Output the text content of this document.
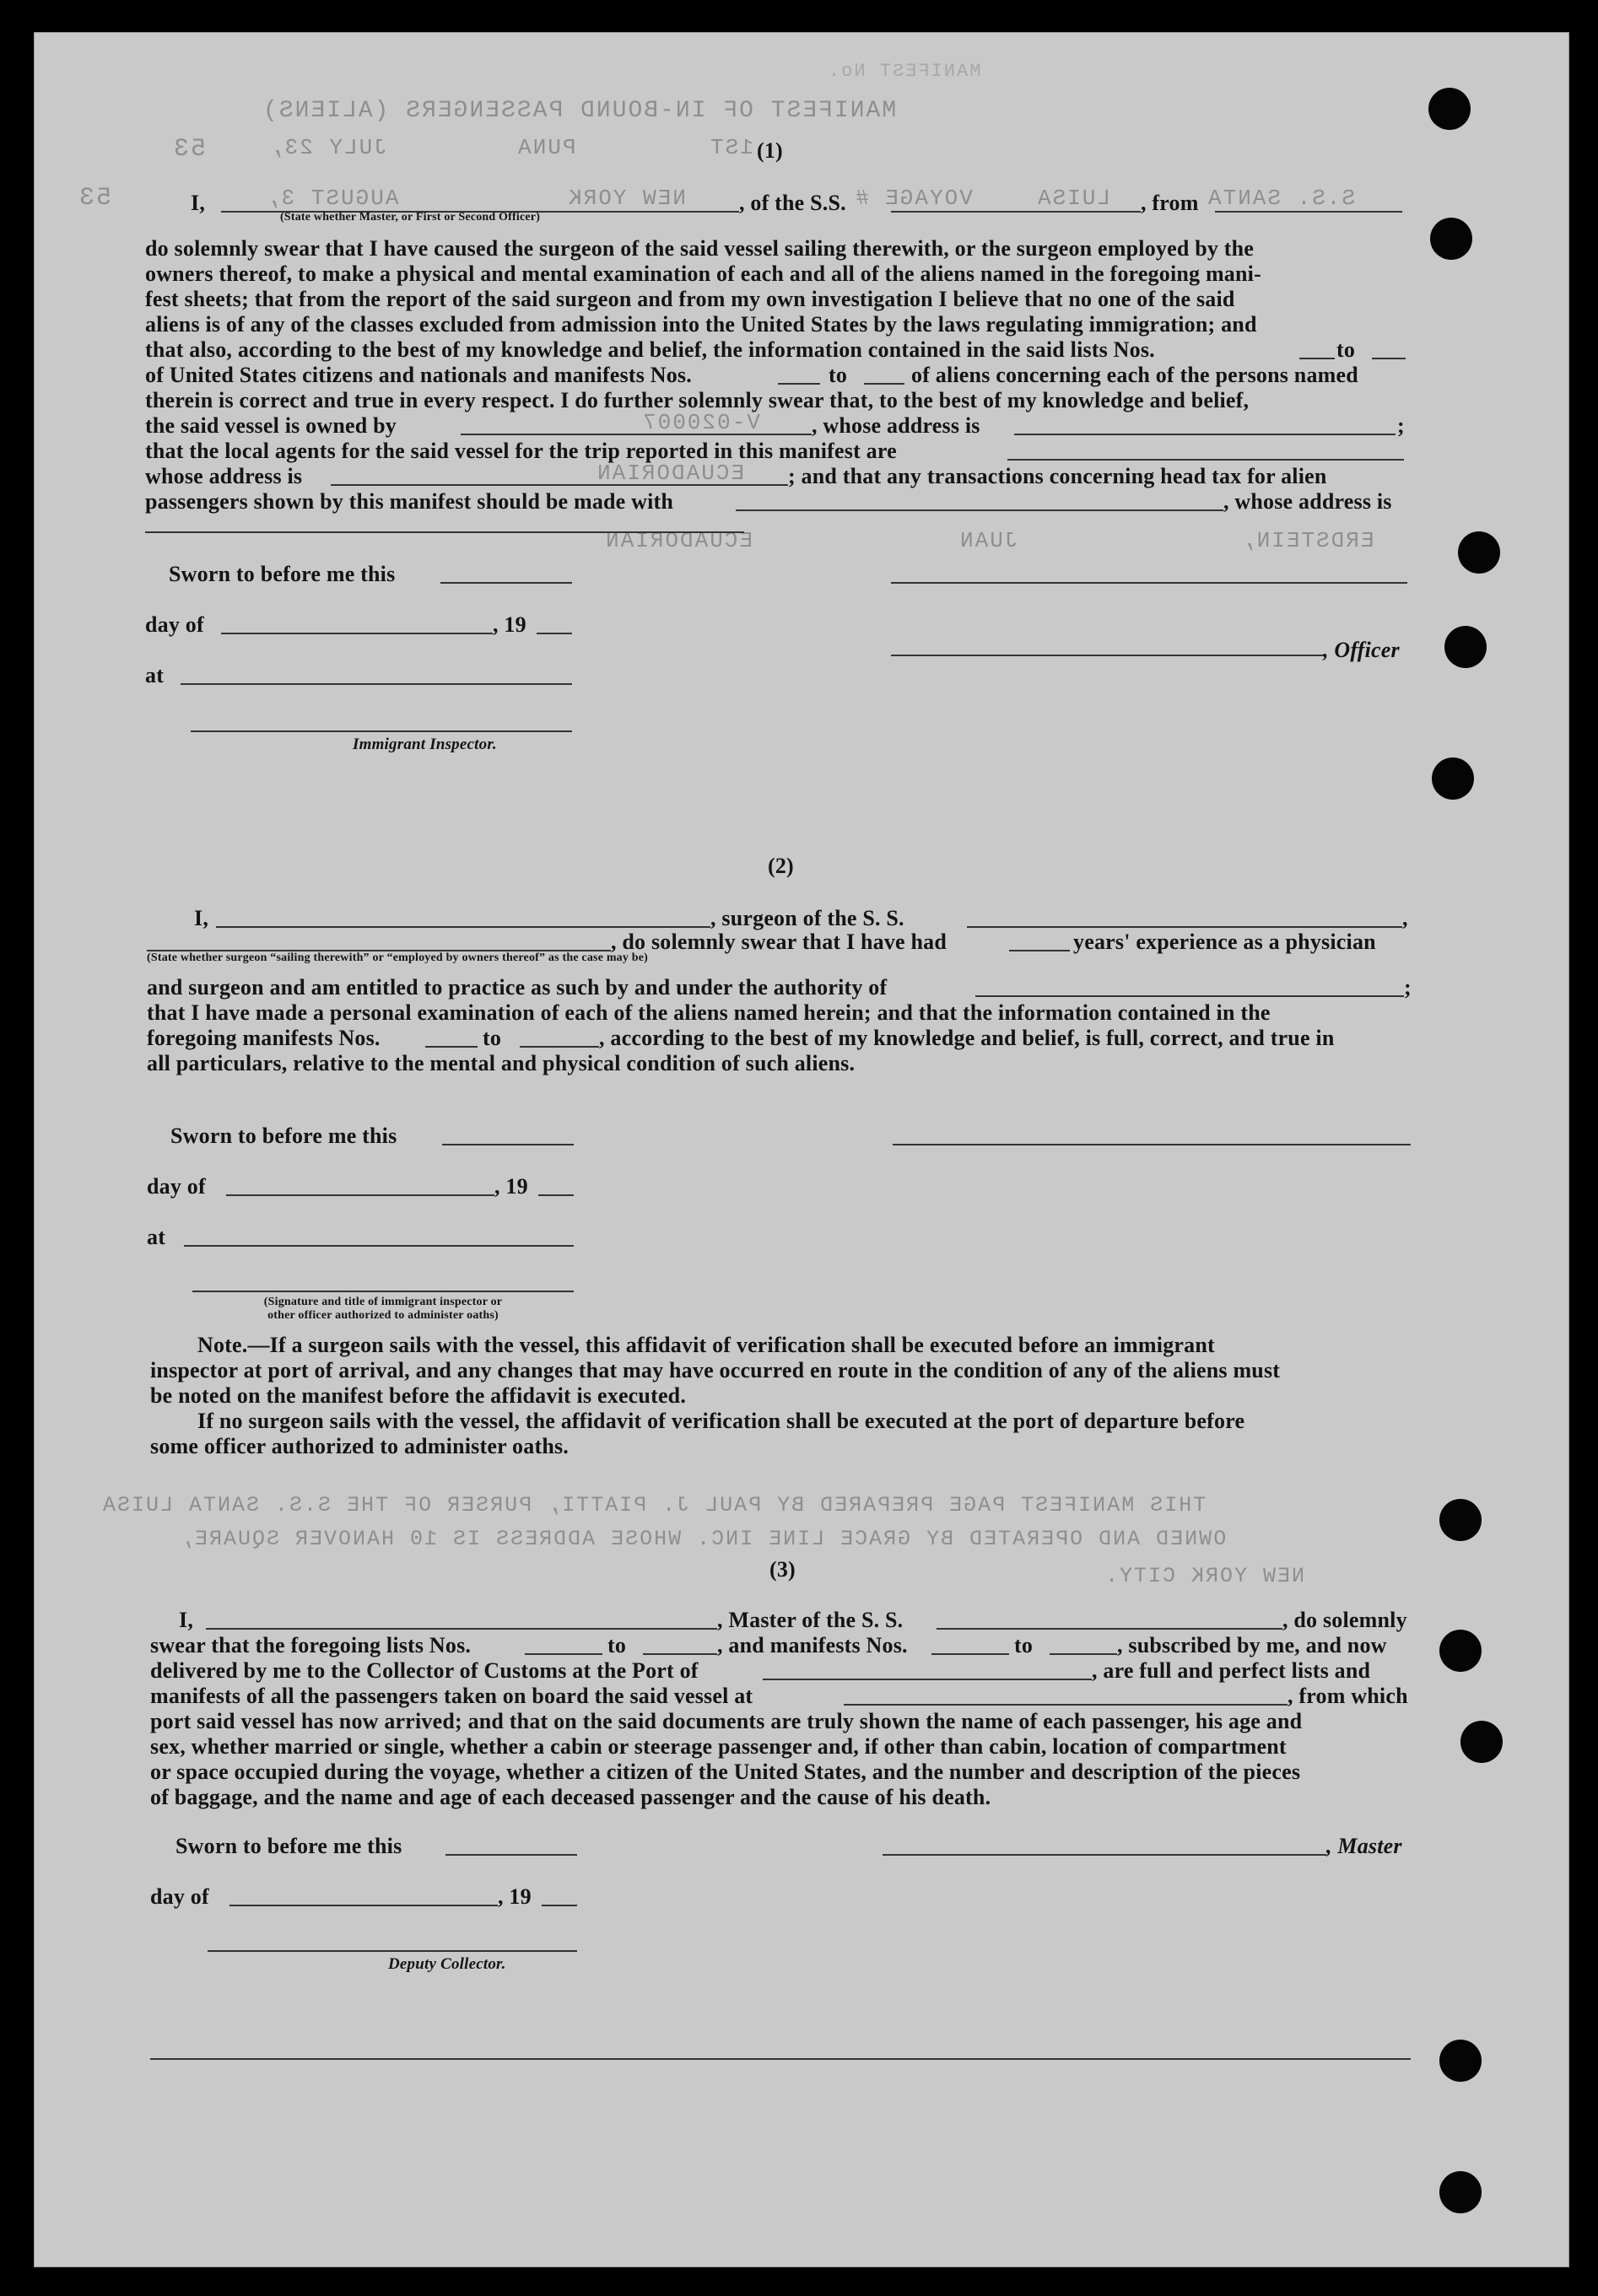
MANIFEST No.
MANIFEST OF IN-BOUND PASSENGERS (ALIENS)
JULY 23,	PUNA	1ST
53
AUGUST 3,	NEW YORK	VOYAGE #	LUISA	S.S. SANTA
53
V-020007
ECUADORIAN
ERDSTEIN,
JUAN
ECUADORIAN
THIS MANIFEST PAGE PREPARED BY PAUL J. PIATTI, PURSER OF THE S.S. SANTA LUISA
OWNED AND OPERATED BY GRACE LINE INC. WHOSE ADDRESS IS 10 HANOVER SQUARE,
NEW YORK CITY.
(1)
I,	, of the S.S.	, from
(State whether Master, or First or Second Officer)
do solemnly swear that I have caused the surgeon of the said vessel sailing therewith, or the surgeon employed by the
owners thereof, to make a physical and mental examination of each and all of the aliens named in the foregoing mani-
fest sheets; that from the report of the said surgeon and from my own investigation I believe that no one of the said
aliens is of any of the classes excluded from admission into the United States by the laws regulating immigration; and
that also, according to the best of my knowledge and belief, the information contained in the said lists Nos.	to
of United States citizens and nationals and manifests Nos.	to	of aliens concerning each of the persons named
therein is correct and true in every respect. I do further solemnly swear that, to the best of my knowledge and belief,
the said vessel is owned by	, whose address is	;
that the local agents for the said vessel for the trip reported in this manifest are
whose address is	; and that any transactions concerning head tax for alien
passengers shown by this manifest should be made with	, whose address is
Sworn to before me this
day of	, 19
, Officer
at
Immigrant Inspector.
(2)
I,	, surgeon of the S. S.	,
, do solemnly swear that I have had	years' experience as a physician
(State whether surgeon “sailing therewith” or “employed by owners thereof” as the case may be)
and surgeon and am entitled to practice as such by and under the authority of	;
that I have made a personal examination of each of the aliens named herein; and that the information contained in the
foregoing manifests Nos.	to	, according to the best of my knowledge and belief, is full, correct, and true in
all particulars, relative to the mental and physical condition of such aliens.
Sworn to before me this
day of	, 19
at
(Signature and title of immigrant inspector or
other officer authorized to administer oaths)
Note.—If a surgeon sails with the vessel, this affidavit of verification shall be executed before an immigrant
inspector at port of arrival, and any changes that may have occurred en route in the condition of any of the aliens must
be noted on the manifest before the affidavit is executed.
If no surgeon sails with the vessel, the affidavit of verification shall be executed at the port of departure before
some officer authorized to administer oaths.
(3)
I,	, Master of the S. S.	, do solemnly
swear that the foregoing lists Nos.	to	, and manifests Nos.	to	, subscribed by me, and now
delivered by me to the Collector of Customs at the Port of	, are full and perfect lists and
manifests of all the passengers taken on board the said vessel at	, from which
port said vessel has now arrived; and that on the said documents are truly shown the name of each passenger, his age and
sex, whether married or single, whether a cabin or steerage passenger and, if other than cabin, location of compartment
or space occupied during the voyage, whether a citizen of the United States, and the number and description of the pieces
of baggage, and the name and age of each deceased passenger and the cause of his death.
Sworn to before me this	, Master
day of	, 19
Deputy Collector.
